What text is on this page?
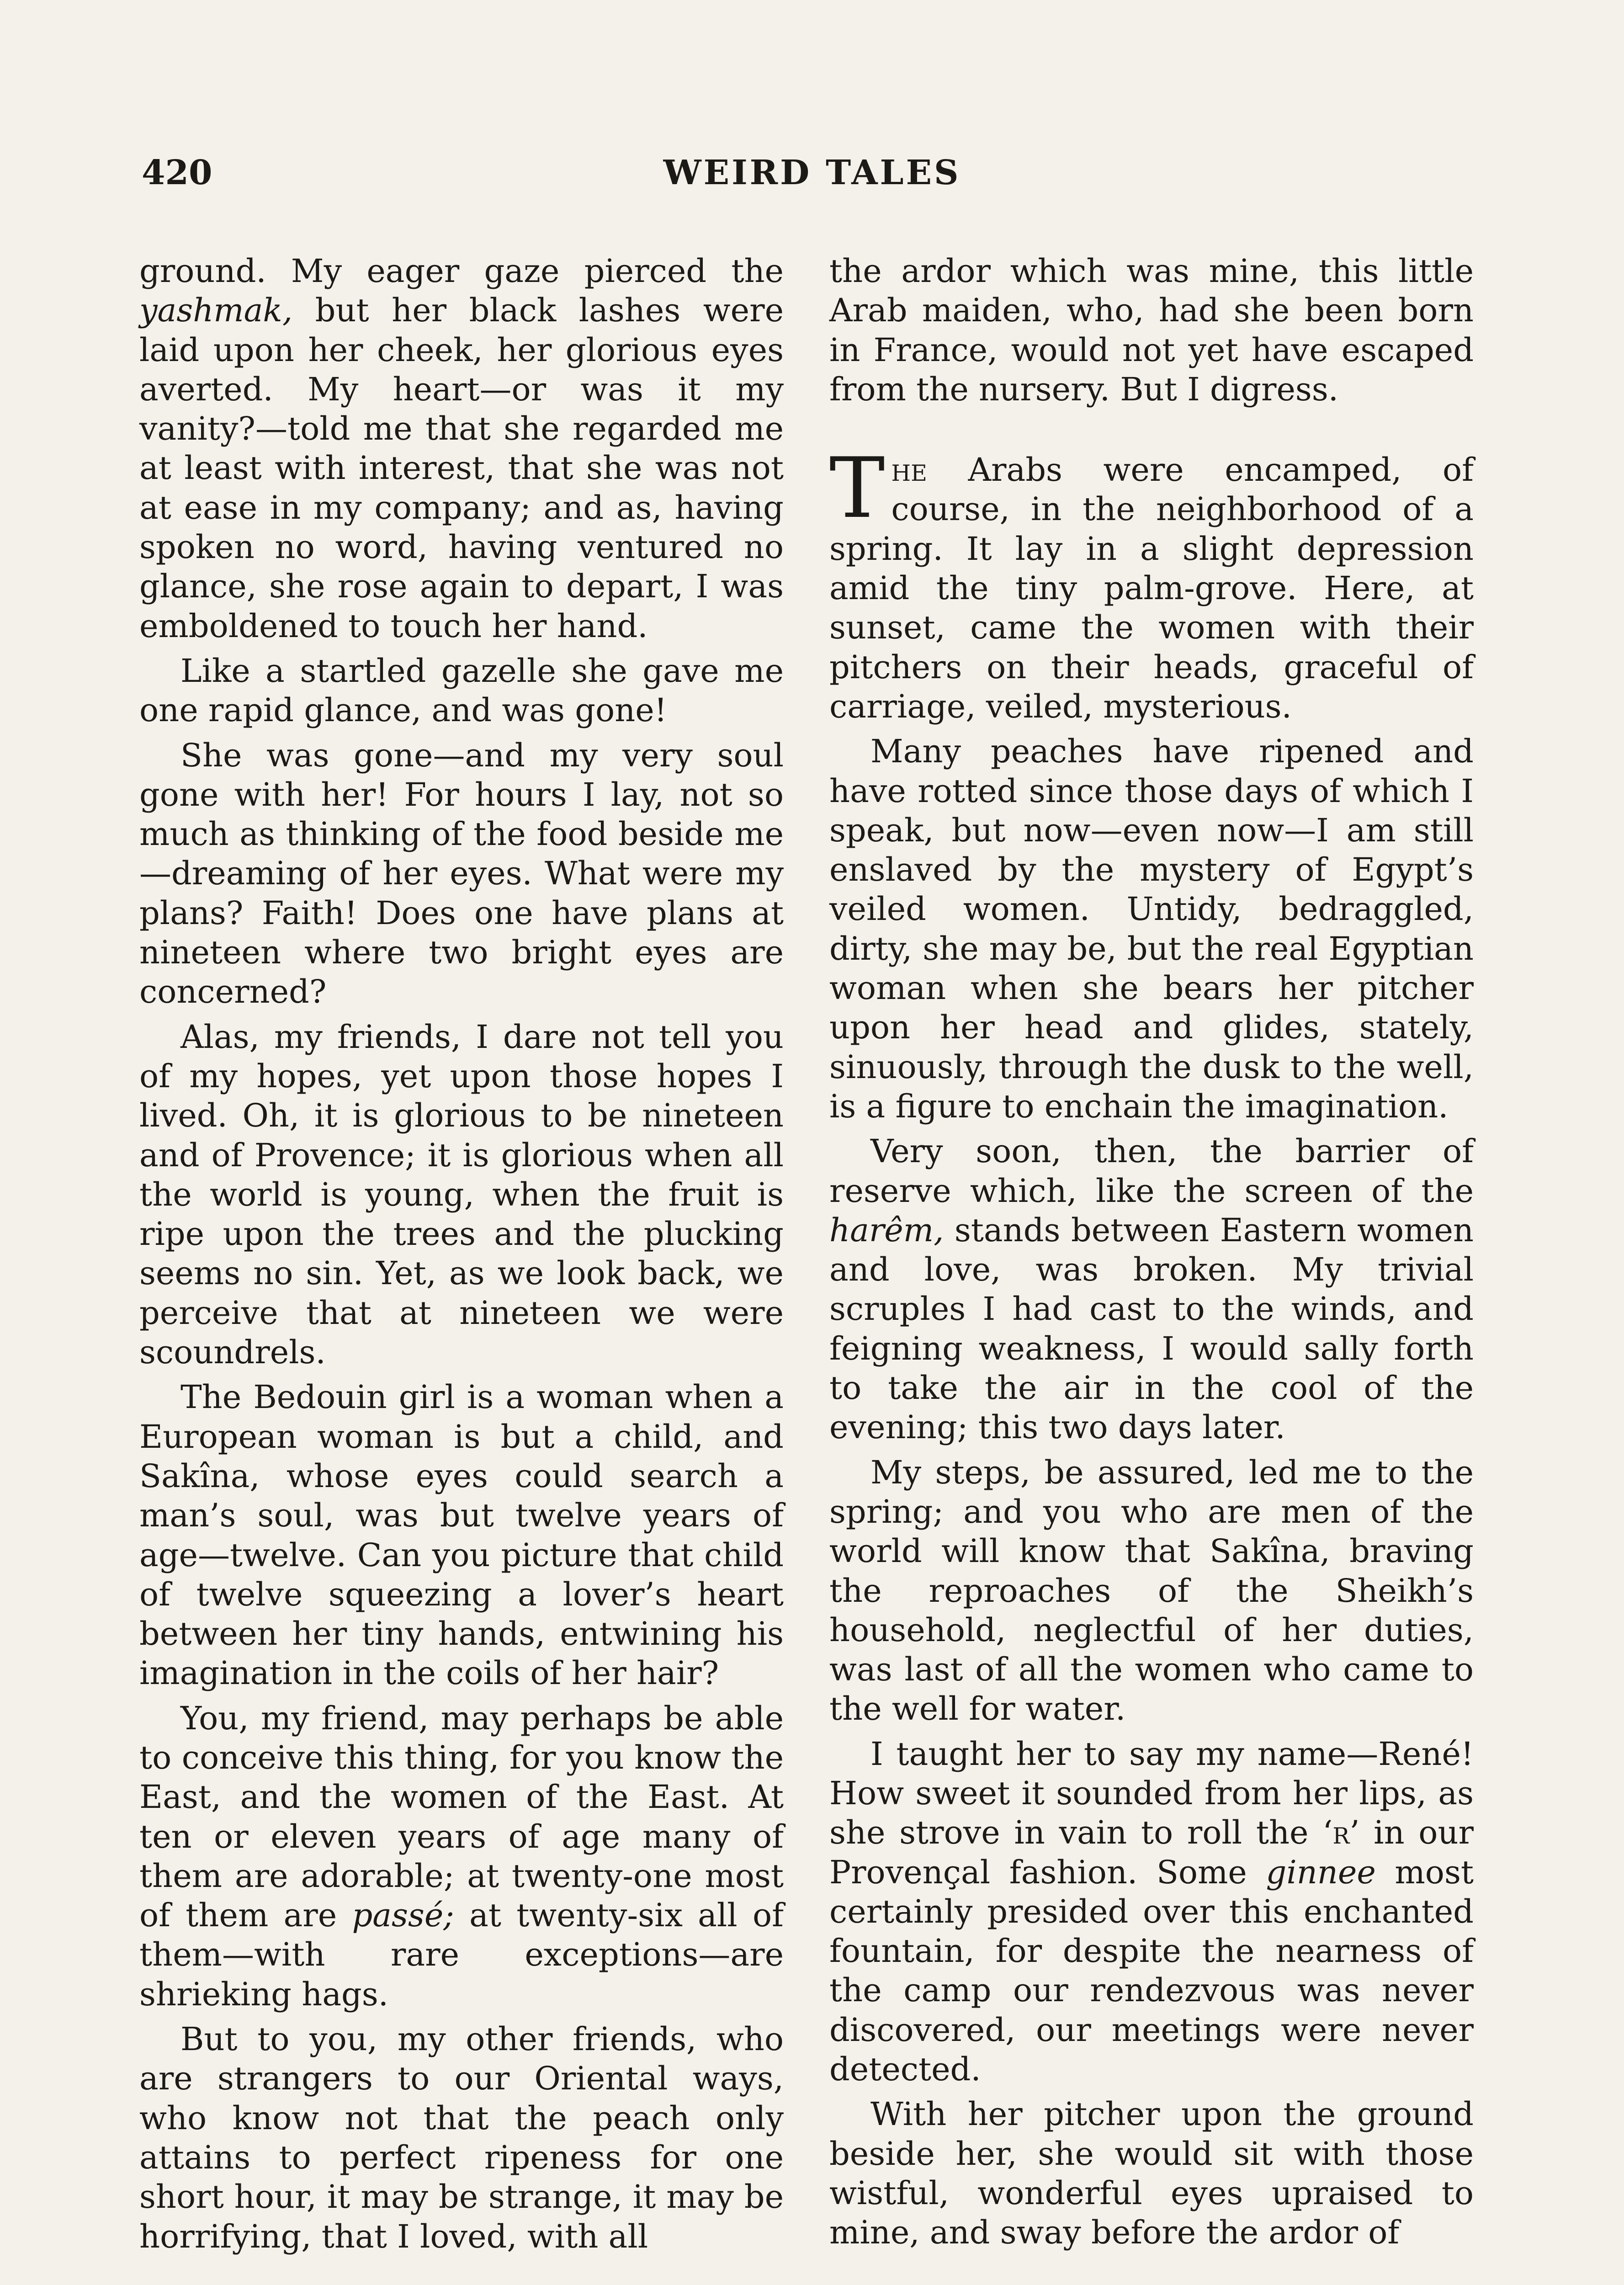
420	WEIRD TALES

ground. My eager gaze pierced the yashmak, but her black lashes were laid upon her cheek, her glorious eyes averted. My heart—or was it my vanity?—told me that she regarded me at least with interest, that she was not at ease in my company; and as, having spoken no word, having ventured no glance, she rose again to depart, I was emboldened to touch her hand.

Like a startled gazelle she gave me one rapid glance, and was gone!

She was gone—and my very soul gone with her! For hours I lay, not so much as thinking of the food beside me—dreaming of her eyes. What were my plans? Faith! Does one have plans at nineteen where two bright eyes are concerned?

Alas, my friends, I dare not tell you of my hopes, yet upon those hopes I lived. Oh, it is glorious to be nineteen and of Provence; it is glorious when all the world is young, when the fruit is ripe upon the trees and the plucking seems no sin. Yet, as we look back, we perceive that at nineteen we were scoundrels.

The Bedouin girl is a woman when a European woman is but a child, and Sakîna, whose eyes could search a man’s soul, was but twelve years of age—twelve. Can you picture that child of twelve squeezing a lover’s heart between her tiny hands, entwining his imagination in the coils of her hair?

You, my friend, may perhaps be able to conceive this thing, for you know the East, and the women of the East. At ten or eleven years of age many of them are adorable; at twenty-one most of them are passé; at twenty-six all of them—with rare exceptions—are shrieking hags.

But to you, my other friends, who are strangers to our Oriental ways, who know not that the peach only attains to perfect ripeness for one short hour, it may be strange, it may be horrifying, that I loved, with all

the ardor which was mine, this little Arab maiden, who, had she been born in France, would not yet have escaped from the nursery. But I digress.

The Arabs were encamped, of course, in the neighborhood of a spring. It lay in a slight depression amid the tiny palm-grove. Here, at sunset, came the women with their pitchers on their heads, graceful of carriage, veiled, mysterious.

Many peaches have ripened and have rotted since those days of which I speak, but now—even now—I am still enslaved by the mystery of Egypt’s veiled women. Untidy, bedraggled, dirty, she may be, but the real Egyptian woman when she bears her pitcher upon her head and glides, stately, sinuously, through the dusk to the well, is a figure to enchain the imagination.

Very soon, then, the barrier of reserve which, like the screen of the harêm, stands between Eastern women and love, was broken. My trivial scruples I had cast to the winds, and feigning weakness, I would sally forth to take the air in the cool of the evening; this two days later.

My steps, be assured, led me to the spring; and you who are men of the world will know that Sakîna, braving the reproaches of the Sheikh’s household, neglectful of her duties, was last of all the women who came to the well for water.

I taught her to say my name—René! How sweet it sounded from her lips, as she strove in vain to roll the ‘r’ in our Provençal fashion. Some ginnee most certainly presided over this enchanted fountain, for despite the nearness of the camp our rendezvous was never discovered, our meetings were never detected.

With her pitcher upon the ground beside her, she would sit with those wistful, wonderful eyes upraised to mine, and sway before the ardor of
